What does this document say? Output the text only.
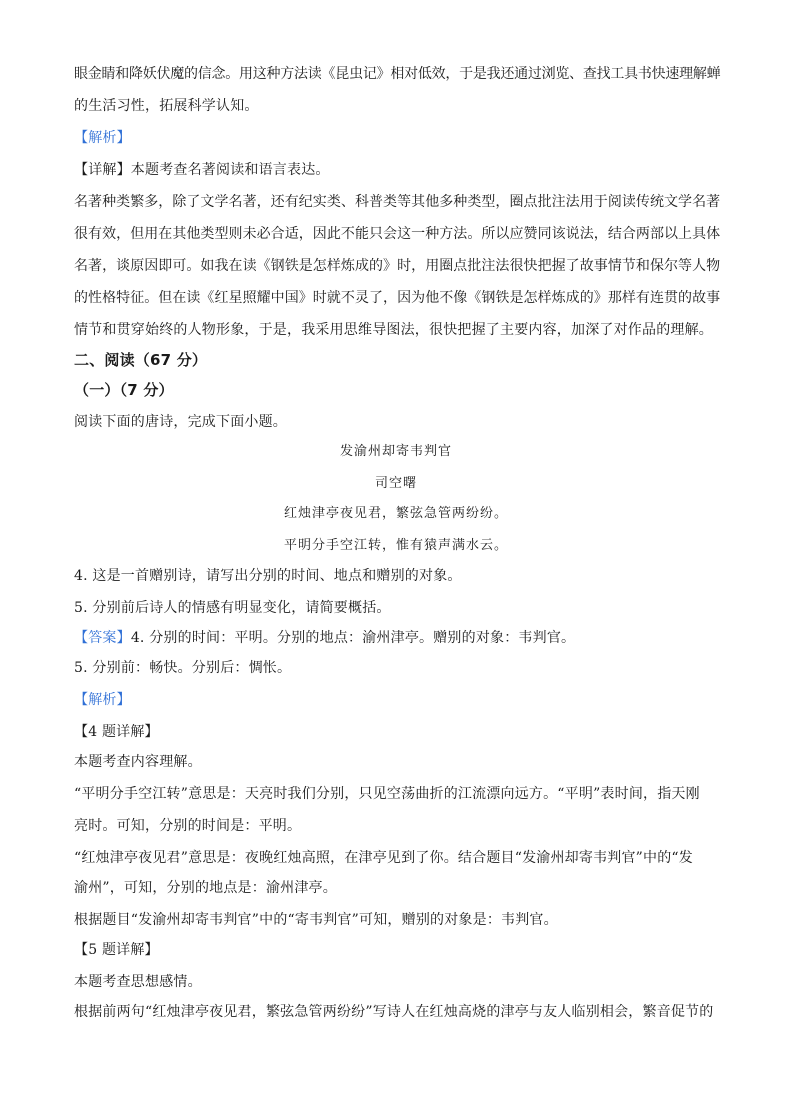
眼金睛和降妖伏魔的信念。用这种方法读《昆虫记》相对低效，于是我还通过浏览、查找工具书快速理解蝉
的生活习性，拓展科学认知。
【解析】
【详解】本题考查名著阅读和语言表达。
名著种类繁多，除了文学名著，还有纪实类、科普类等其他多种类型，圈点批注法用于阅读传统文学名著
很有效，但用在其他类型则未必合适，因此不能只会这一种方法。所以应赞同该说法，结合两部以上具体
名著，谈原因即可。如我在读《钢铁是怎样炼成的》时，用圈点批注法很快把握了故事情节和保尔等人物
的性格特征。但在读《红星照耀中国》时就不灵了，因为他不像《钢铁是怎样炼成的》那样有连贯的故事
情节和贯穿始终的人物形象，于是，我采用思维导图法，很快把握了主要内容，加深了对作品的理解。
二、阅读（67 分）
（一）（7 分）
阅读下面的唐诗，完成下面小题。
发渝州却寄韦判官
司空曙
红烛津亭夜见君，繁弦急管两纷纷。
平明分手空江转，惟有猿声满水云。
4. 这是一首赠别诗，请写出分别的时间、地点和赠别的对象。
5. 分别前后诗人的情感有明显变化，请简要概括。
【答案】4. 分别的时间：平明。分别的地点：渝州津亭。赠别的对象：韦判官。
5. 分别前：畅快。分别后：惆怅。
【解析】
【4 题详解】
本题考查内容理解。
“平明分手空江转”意思是：天亮时我们分别，只见空荡曲折的江流漂向远方。“平明”表时间，指天刚
亮时。可知，分别的时间是：平明。
“红烛津亭夜见君”意思是：夜晚红烛高照，在津亭见到了你。结合题目“发渝州却寄韦判官”中的“发
渝州”，可知，分别的地点是：渝州津亭。
根据题目“发渝州却寄韦判官”中的“寄韦判官”可知，赠别的对象是：韦判官。
【5 题详解】
本题考查思想感情。
根据前两句“红烛津亭夜见君，繁弦急管两纷纷”写诗人在红烛高烧的津亭与友人临别相会，繁音促节的
